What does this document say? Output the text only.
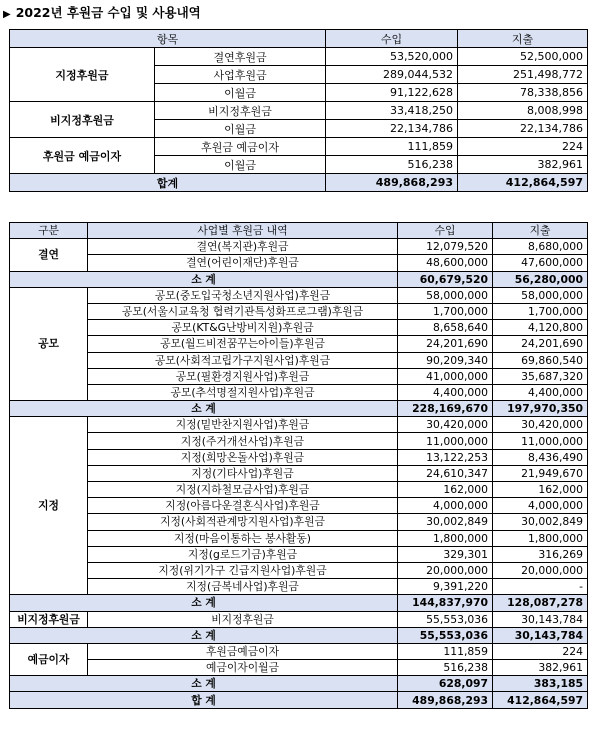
▶ 2022년 후원금 수입 및 사용내역
항목		수입	지출
지정후원금	결연후원금	53,520,000	52,500,000
	사업후원금	289,044,532	251,498,772
	이월금	91,122,628	78,338,856
비지정후원금	비지정후원금	33,418,250	8,008,998
	이월금	22,134,786	22,134,786
후원금 예금이자	후원금 예금이자	111,859	224
	이월금	516,238	382,961
합계		489,868,293	412,864,597
구분	사업별 후원금 내역	수입	지출
결연	결연(복지관)후원금	12,079,520	8,680,000
	결연(어린이재단)후원금	48,600,000	47,600,000
소 계		60,679,520	56,280,000
공모	공모(중도입국청소년지원사업)후원금	58,000,000	58,000,000
	공모(서울시교육청 협력기관특성화프로그램)후원금	1,700,000	1,700,000
	공모(KT&G난방비지원)후원금	8,658,640	4,120,800
	공모(월드비전꿈꾸는아이들)후원금	24,201,690	24,201,690
	공모(사회적고립가구지원사업)후원금	90,209,340	69,860,540
	공모(필환경지원사업)후원금	41,000,000	35,687,320
	공모(추석명절지원사업)후원금	4,400,000	4,400,000
소 계		228,169,670	197,970,350
지정	지정(밑반찬지원사업)후원금	30,420,000	30,420,000
	지정(주거개선사업)후원금	11,000,000	11,000,000
	지정(희망온돌사업)후원금	13,122,253	8,436,490
	지정(기타사업)후원금	24,610,347	21,949,670
	지정(지하철모금사업)후원금	162,000	162,000
	지정(아름다운결혼식사업)후원금	4,000,000	4,000,000
	지정(사회적관계망지원사업)후원금	30,002,849	30,002,849
	지정(마음이통하는 봉사활동)	1,800,000	1,800,000
	지정(g로드기금)후원금	329,301	316,269
	지정(위기가구 긴급지원사업)후원금	20,000,000	20,000,000
	지정(금복네사업)후원금	9,391,220	-
소 계		144,837,970	128,087,278
비지정후원금	비지정후원금	55,553,036	30,143,784
소 계		55,553,036	30,143,784
예금이자	후원금예금이자	111,859	224
	예금이자이월금	516,238	382,961
소 계		628,097	383,185
합 계		489,868,293	412,864,597
